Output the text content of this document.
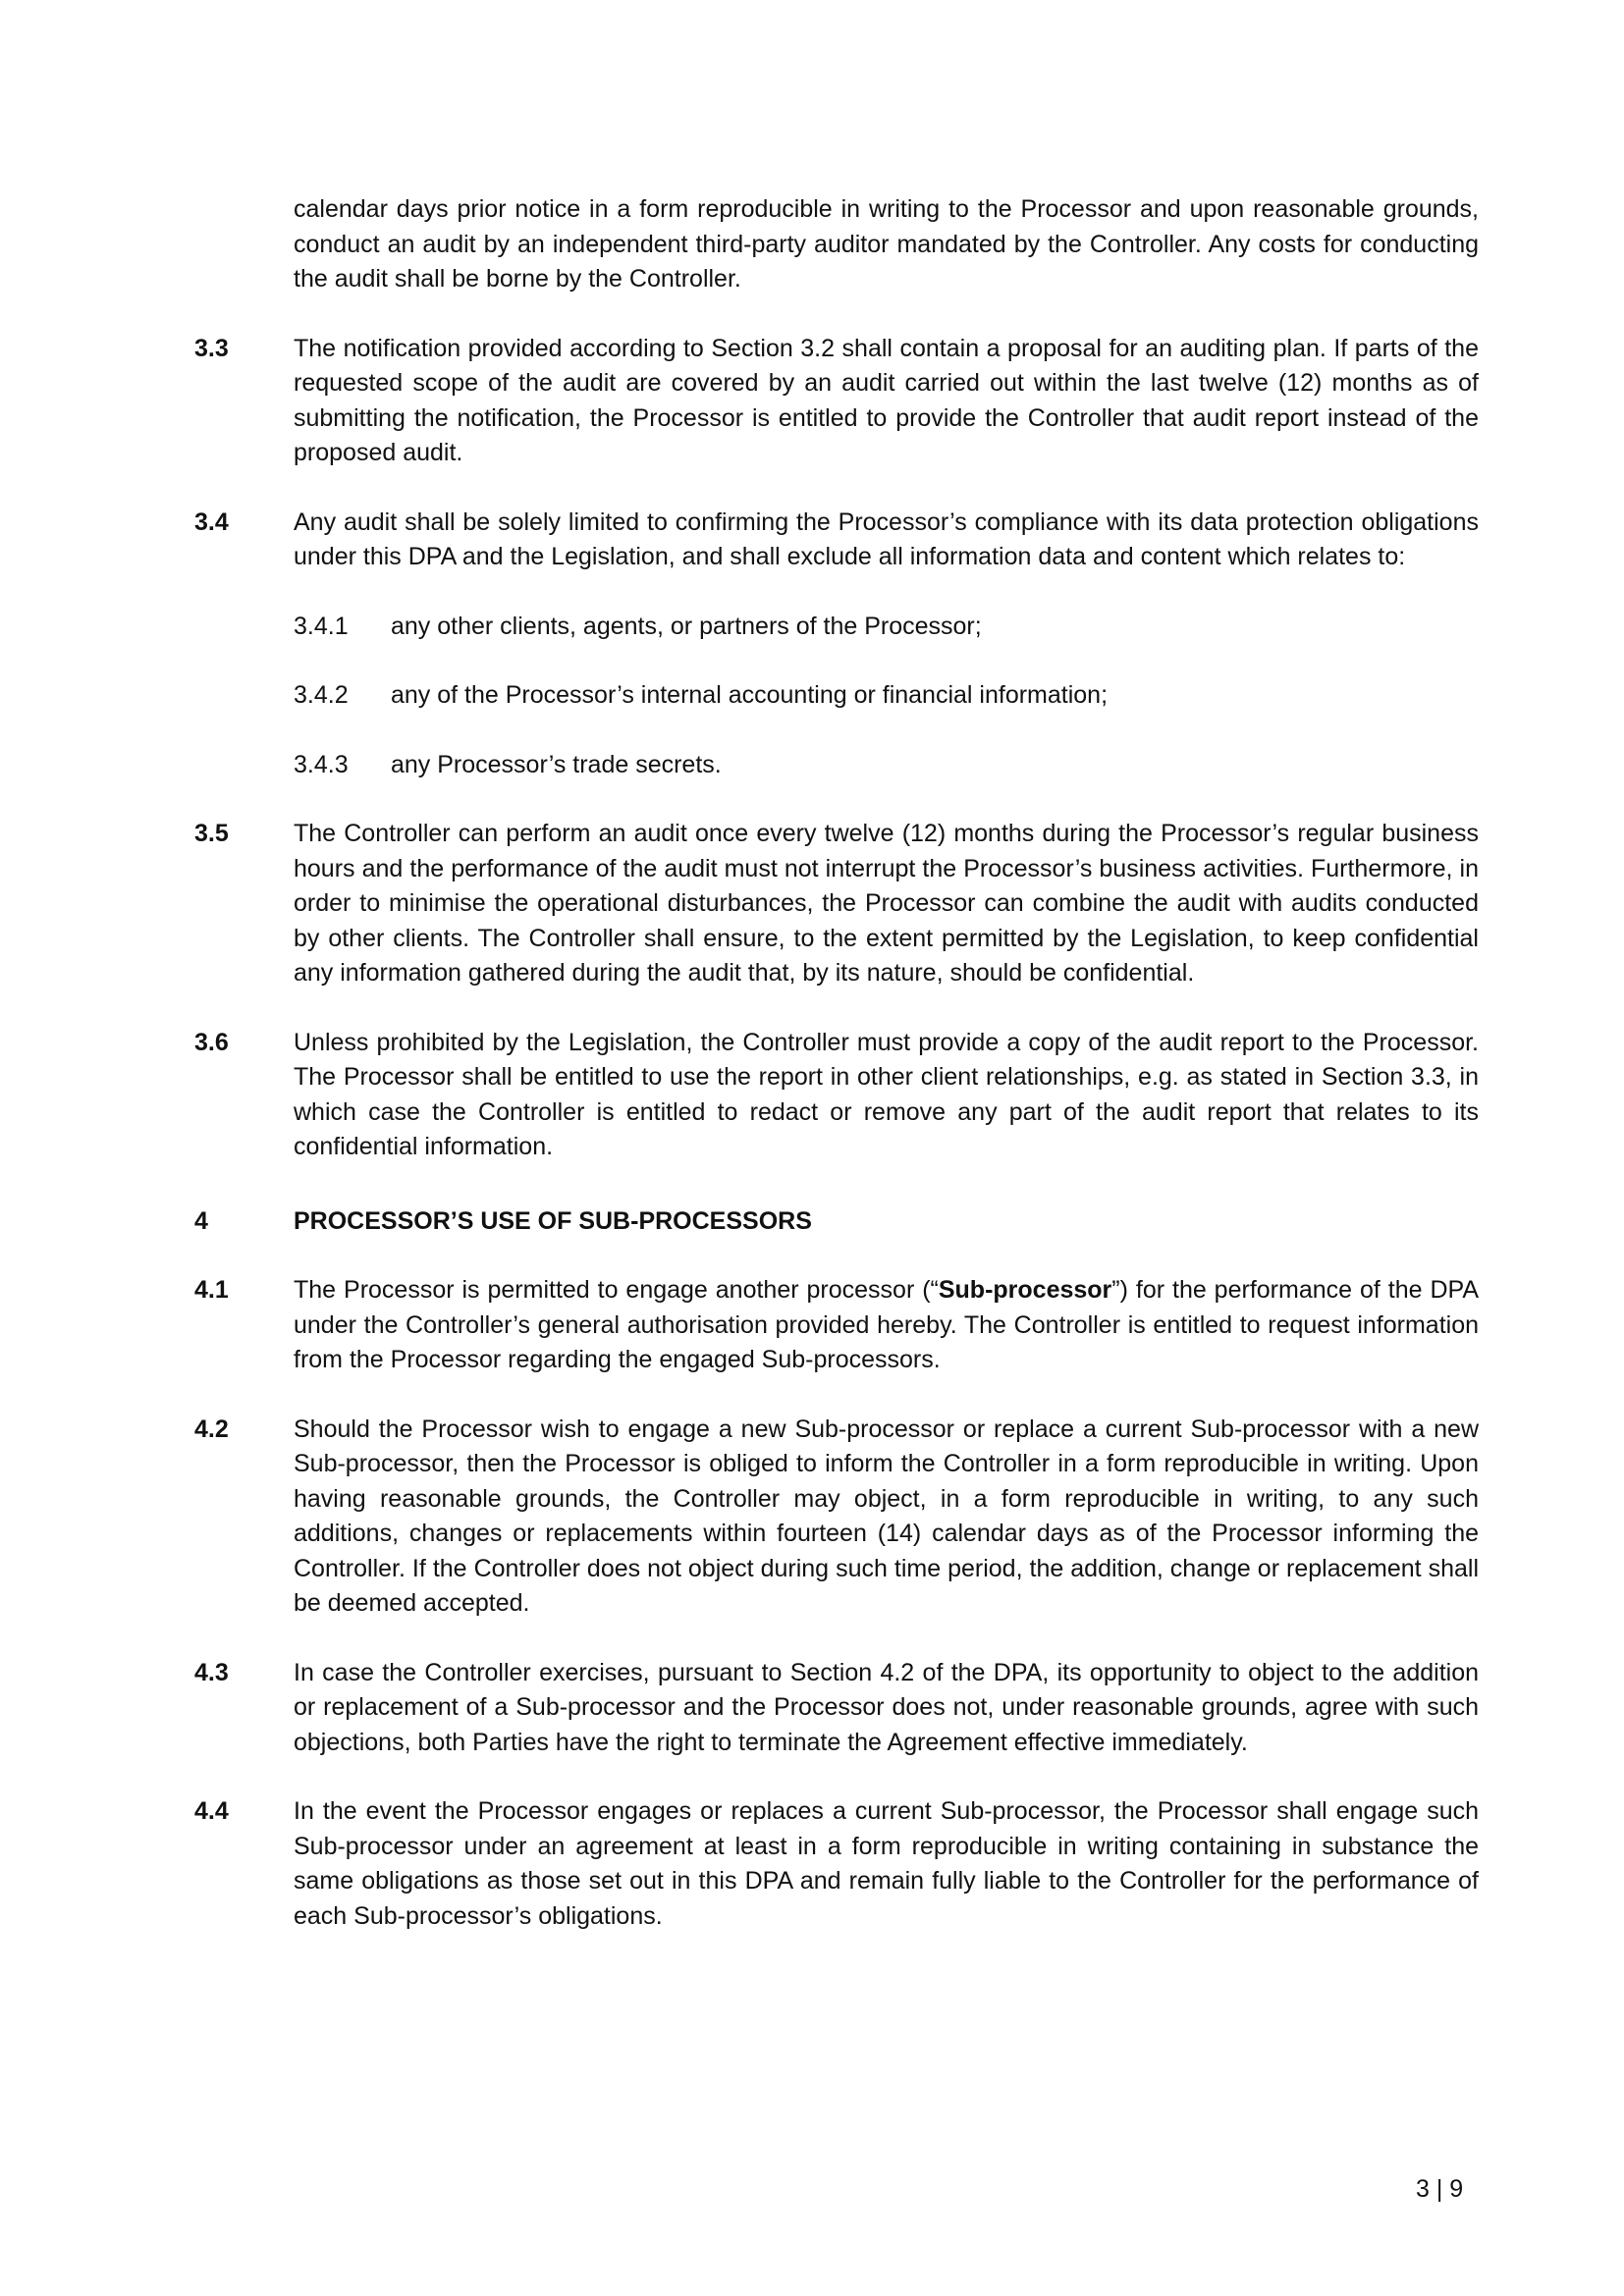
calendar days prior notice in a form reproducible in writing to the Processor and upon reasonable grounds, conduct an audit by an independent third-party auditor mandated by the Controller. Any costs for conducting the audit shall be borne by the Controller.
3.3	The notification provided according to Section 3.2 shall contain a proposal for an auditing plan. If parts of the requested scope of the audit are covered by an audit carried out within the last twelve (12) months as of submitting the notification, the Processor is entitled to provide the Controller that audit report instead of the proposed audit.
3.4	Any audit shall be solely limited to confirming the Processor’s compliance with its data protection obligations under this DPA and the Legislation, and shall exclude all information data and content which relates to:
3.4.1	any other clients, agents, or partners of the Processor;
3.4.2	any of the Processor’s internal accounting or financial information;
3.4.3	any Processor’s trade secrets.
3.5	The Controller can perform an audit once every twelve (12) months during the Processor’s regular business hours and the performance of the audit must not interrupt the Processor’s business activities. Furthermore, in order to minimise the operational disturbances, the Processor can combine the audit with audits conducted by other clients. The Controller shall ensure, to the extent permitted by the Legislation, to keep confidential any information gathered during the audit that, by its nature, should be confidential.
3.6	Unless prohibited by the Legislation, the Controller must provide a copy of the audit report to the Processor. The Processor shall be entitled to use the report in other client relationships, e.g. as stated in Section 3.3, in which case the Controller is entitled to redact or remove any part of the audit report that relates to its confidential information.
4	PROCESSOR’S USE OF SUB-PROCESSORS
4.1	The Processor is permitted to engage another processor (“Sub-processor”) for the performance of the DPA under the Controller’s general authorisation provided hereby. The Controller is entitled to request information from the Processor regarding the engaged Sub-processors.
4.2	Should the Processor wish to engage a new Sub-processor or replace a current Sub-processor with a new Sub-processor, then the Processor is obliged to inform the Controller in a form reproducible in writing. Upon having reasonable grounds, the Controller may object, in a form reproducible in writing, to any such additions, changes or replacements within fourteen (14) calendar days as of the Processor informing the Controller. If the Controller does not object during such time period, the addition, change or replacement shall be deemed accepted.
4.3	In case the Controller exercises, pursuant to Section 4.2 of the DPA, its opportunity to object to the addition or replacement of a Sub-processor and the Processor does not, under reasonable grounds, agree with such objections, both Parties have the right to terminate the Agreement effective immediately.
4.4	In the event the Processor engages or replaces a current Sub-processor, the Processor shall engage such Sub-processor under an agreement at least in a form reproducible in writing containing in substance the same obligations as those set out in this DPA and remain fully liable to the Controller for the performance of each Sub-processor’s obligations.
3 | 9
